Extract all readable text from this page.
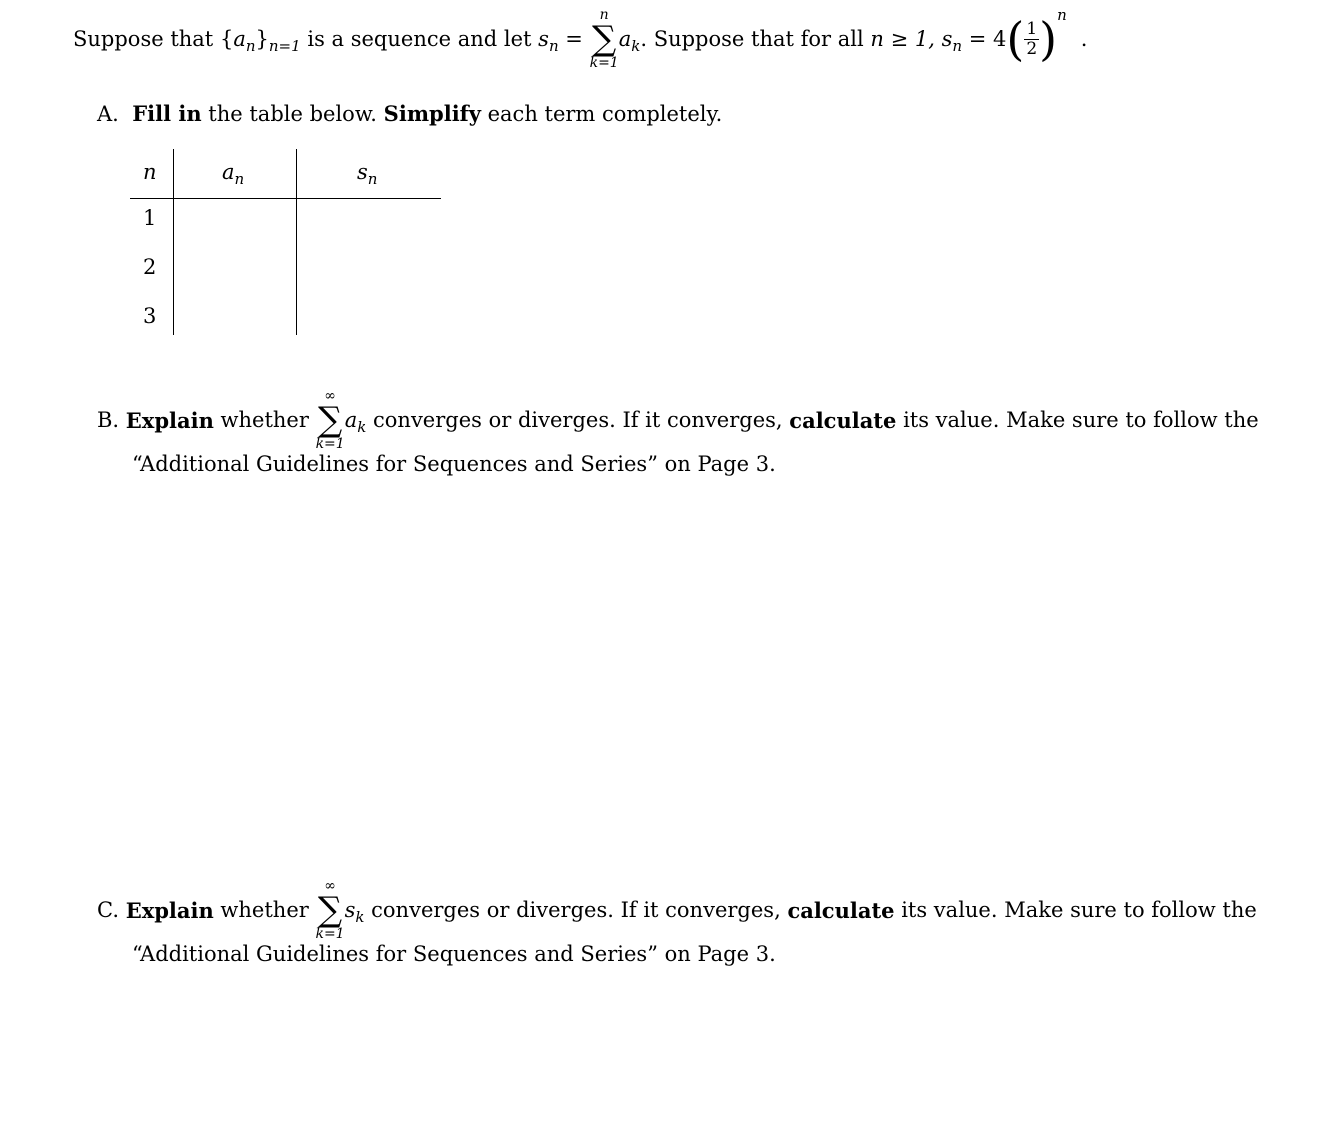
Suppose that
$\{a_n\}_{n=1}$
is a sequence and let
$s_n$
=

n
∑
k=1
$a_k$ . Suppose that for all
n ≥ 1,
$s_n$
= 4 ( $\frac{1}{2}$ ) n
.
A. Fill in the table below. Simplify each term completely.
n	$a_n$	$s_n$
1
2
3
B.
Explain
whether

∞
∑
k=1
$a_k$
converges or diverges. If it converges,
calculate
its value. Make sure to follow the
“Additional Guidelines for Sequences and Series” on Page 3.
C.
Explain
whether

∞
∑
k=1
$s_k$
converges or diverges. If it converges,
calculate
its value. Make sure to follow the
“Additional Guidelines for Sequences and Series” on Page 3.
